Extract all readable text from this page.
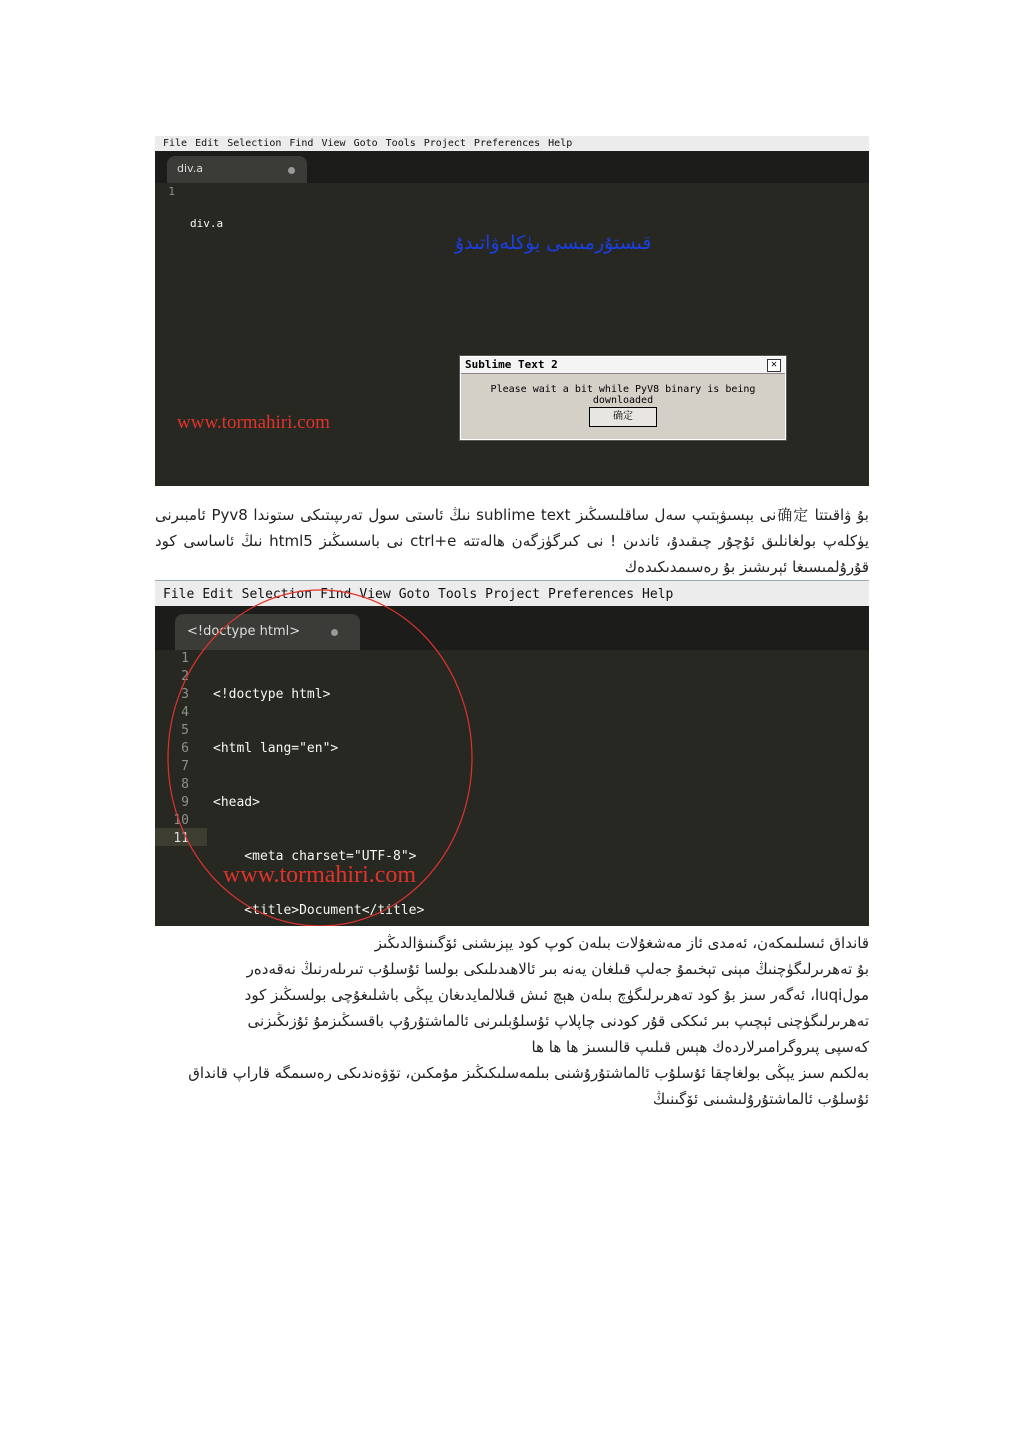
File Edit Selection Find View Goto Tools Project Preferences Help
div.a
1

div.a

قىستۇرمىسى يۈكلەۋاتىدۇ
www.tormahiri.com
Sublime Text 2	✕
Please wait a bit while PyV8 binary is being downloaded
确定
بۇ ۋاقىتتا 确定نى بېسىۋېتىپ سەل ساقلىسىڭىز sublime text نىڭ ئاستى سول تەرىپىتىكى ستوندا Pyv8 ئامبىرنى يۈكلەپ بولغانلىق ئۇچۇر چىقىدۇ، ئاندىن ! نى كىرگۈزگەن ھالەتتە ctrl+e نى باسسىڭىز html5 نىڭ ئاساسى كود قۇرۇلمىسىغا ئېرىشىز بۇ رەسىمدىكىدەك
File Edit Selection Find View Goto Tools Project Preferences Help
<!doctype html>
1
2
3
4
5
6
7
8
9
10
11

<!doctype html>

<html lang="en">

<head>

<meta charset="UTF-8">

<title>Document</title>

www.tormahiri.com
قانداق ئىسلىمكەن، ئەمدى ئاز مەشغۇلات بىلەن كوپ كود يېزىشنى ئۆگىنىۋالدىڭىز
بۇ تەھرىرلىگۈچنىڭ مېنى تېخىمۇ جەلپ قىلغان يەنە بىر ئالاھىدىلىكى بولسا ئۇسلۇب تىرىلەرنىڭ نەقەدەر
مولluqi، ئەگەر سىز بۇ كود تەھرىرلىگۈچ بىلەن ھېچ ئىش قىلالمايدىغان يېڭى باشلىغۇچى بولسىڭىز كود
تەھرىرلىگۈچنى ئېچىپ بىر ئىككى قۇر كودنى چاپلاپ ئۇسلۇبلىرنى ئالماشتۇرۇپ باقسىڭىزمۇ ئۇزىڭىزنى
كەسپى پىروگرامىرلاردەك ھېس قىلىپ قالىسىز ھا ھا ھا
بەلكىم سىز يېڭى بولغاچقا ئۇسلۇب ئالماشتۇرۇشنى بىلمەسلىكىڭىز مۇمكىن، تۆۋەندىكى رەسىمگە قاراپ قانداق
ئۇسلۇب ئالماشتۇرۇلىشىنى ئۆگىنىڭ
